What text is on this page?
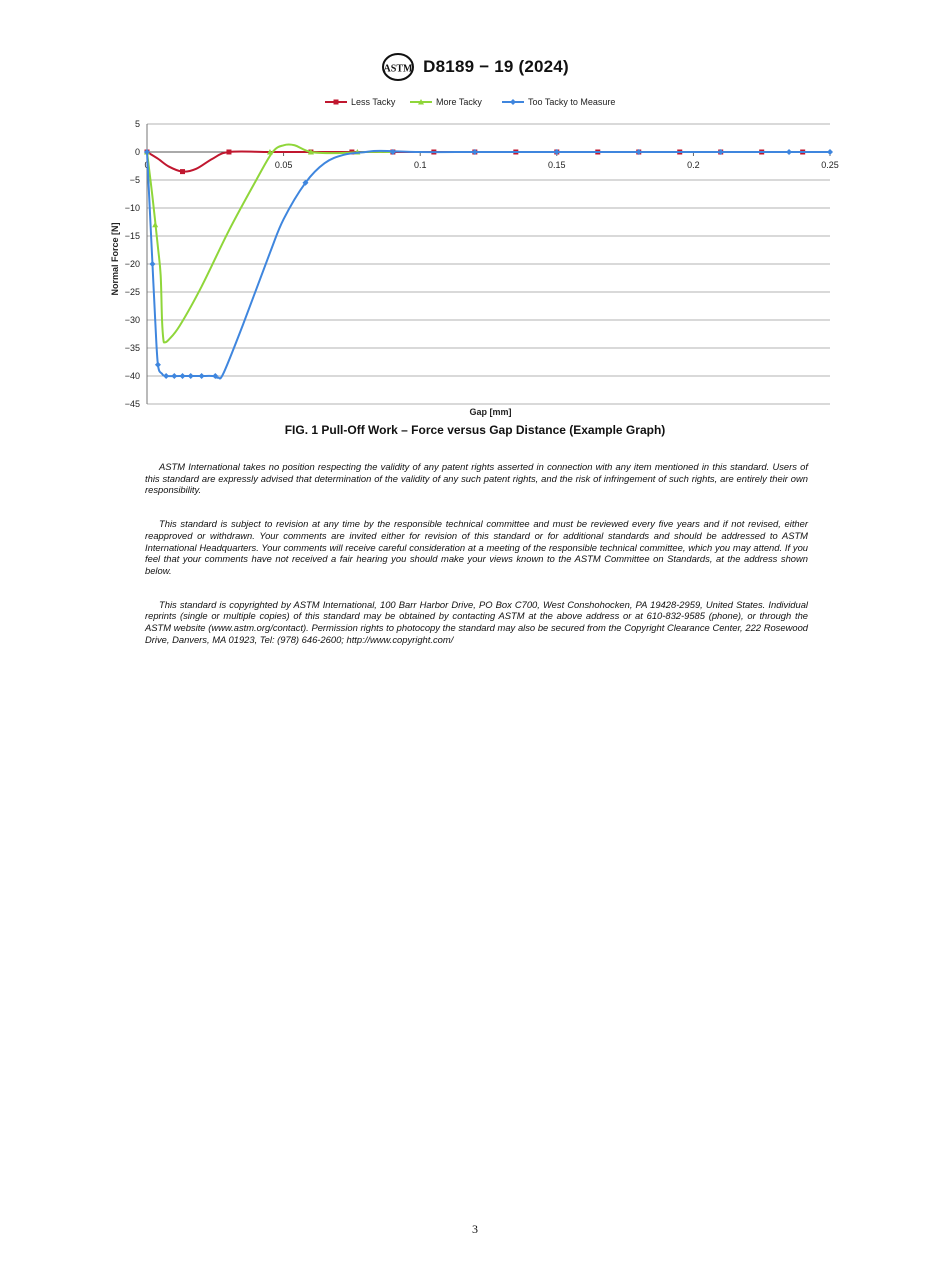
ASTM D8189 − 19 (2024)
5
0
−5
−10
−15
−20
−25
−30
−35
−40
−45
0	0.05	0.1	0.15	0.2	0.25
Gap [mm]
Normal Force [N]
Less Tacky	More Tacky	Too Tacky to Measure
FIG. 1 Pull-Off Work – Force versus Gap Distance (Example Graph)

ASTM International takes no position respecting the validity of any patent rights asserted in connection with any item mentioned in this standard. Users of this standard are expressly advised that determination of the validity of any such patent rights, and the risk of infringement of such rights, are entirely their own responsibility.

This standard is subject to revision at any time by the responsible technical committee and must be reviewed every five years and if not revised, either reapproved or withdrawn. Your comments are invited either for revision of this standard or for additional standards and should be addressed to ASTM International Headquarters. Your comments will receive careful consideration at a meeting of the responsible technical committee, which you may attend. If you feel that your comments have not received a fair hearing you should make your views known to the ASTM Committee on Standards, at the address shown below.

This standard is copyrighted by ASTM International, 100 Barr Harbor Drive, PO Box C700, West Conshohocken, PA 19428-2959, United States. Individual reprints (single or multiple copies) of this standard may be obtained by contacting ASTM at the above address or at 610-832-9585 (phone), or through the ASTM website (www.astm.org/contact). Permission rights to photocopy the standard may also be secured from the Copyright Clearance Center, 222 Rosewood Drive, Danvers, MA 01923, Tel: (978) 646-2600; http://www.copyright.com/

3
